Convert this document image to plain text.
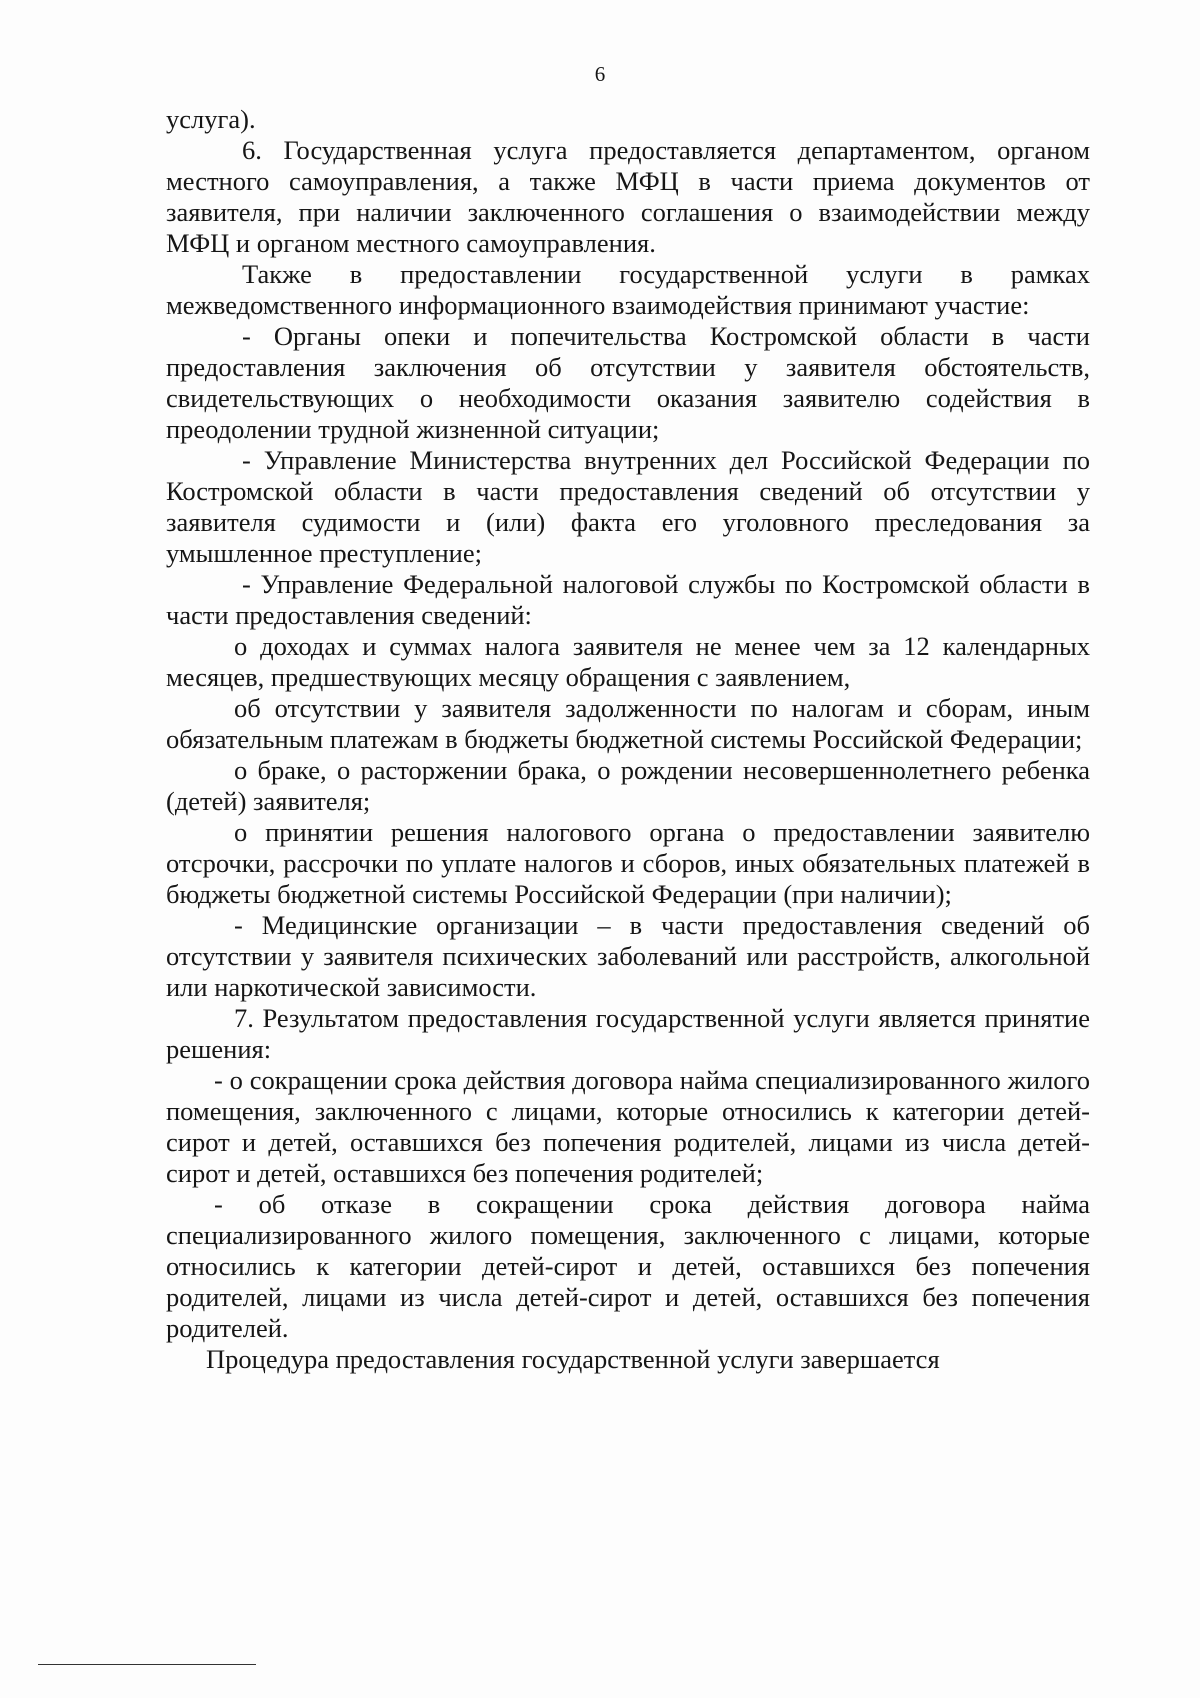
6

услуга).

6. Государственная услуга предоставляется департаментом, органом местного самоуправления, а также МФЦ в части приема документов от заявителя, при наличии заключенного соглашения о взаимодействии между МФЦ и органом местного самоуправления.

Также в предоставлении государственной услуги в рамках межведомственного информационного взаимодействия принимают участие:

- Органы опеки и попечительства Костромской области в части предоставления заключения об отсутствии у заявителя обстоятельств, свидетельствующих о необходимости оказания заявителю содействия в преодолении трудной жизненной ситуации;

- Управление Министерства внутренних дел Российской Федерации по Костромской области в части предоставления сведений об отсутствии у заявителя судимости и (или) факта его уголовного преследования за умышленное преступление;

- Управление Федеральной налоговой службы по Костромской области в части предоставления сведений:

о доходах и суммах налога заявителя не менее чем за 12 календарных месяцев, предшествующих месяцу обращения с заявлением,

об отсутствии у заявителя задолженности по налогам и сборам, иным обязательным платежам в бюджеты бюджетной системы Российской Федерации;

о браке, о расторжении брака, о рождении несовершеннолетнего ребенка (детей) заявителя;

о принятии решения налогового органа о предоставлении заявителю отсрочки, рассрочки по уплате налогов и сборов, иных обязательных платежей в бюджеты бюджетной системы Российской Федерации (при наличии);

- Медицинские организации – в части предоставления сведений об отсутствии у заявителя психических заболеваний или расстройств, алкогольной или наркотической зависимости.

7. Результатом предоставления государственной услуги является принятие решения:

- о сокращении срока действия договора найма специализированного жилого помещения, заключенного с лицами, которые относились к категории детей-сирот и детей, оставшихся без попечения родителей, лицами из числа детей-сирот и детей, оставшихся без попечения родителей;

- об отказе в сокращении срока действия договора найма специализированного жилого помещения, заключенного с лицами, которые относились к категории детей-сирот и детей, оставшихся без попечения родителей, лицами из числа детей-сирот и детей, оставшихся без попечения родителей.

Процедура предоставления государственной услуги завершается
